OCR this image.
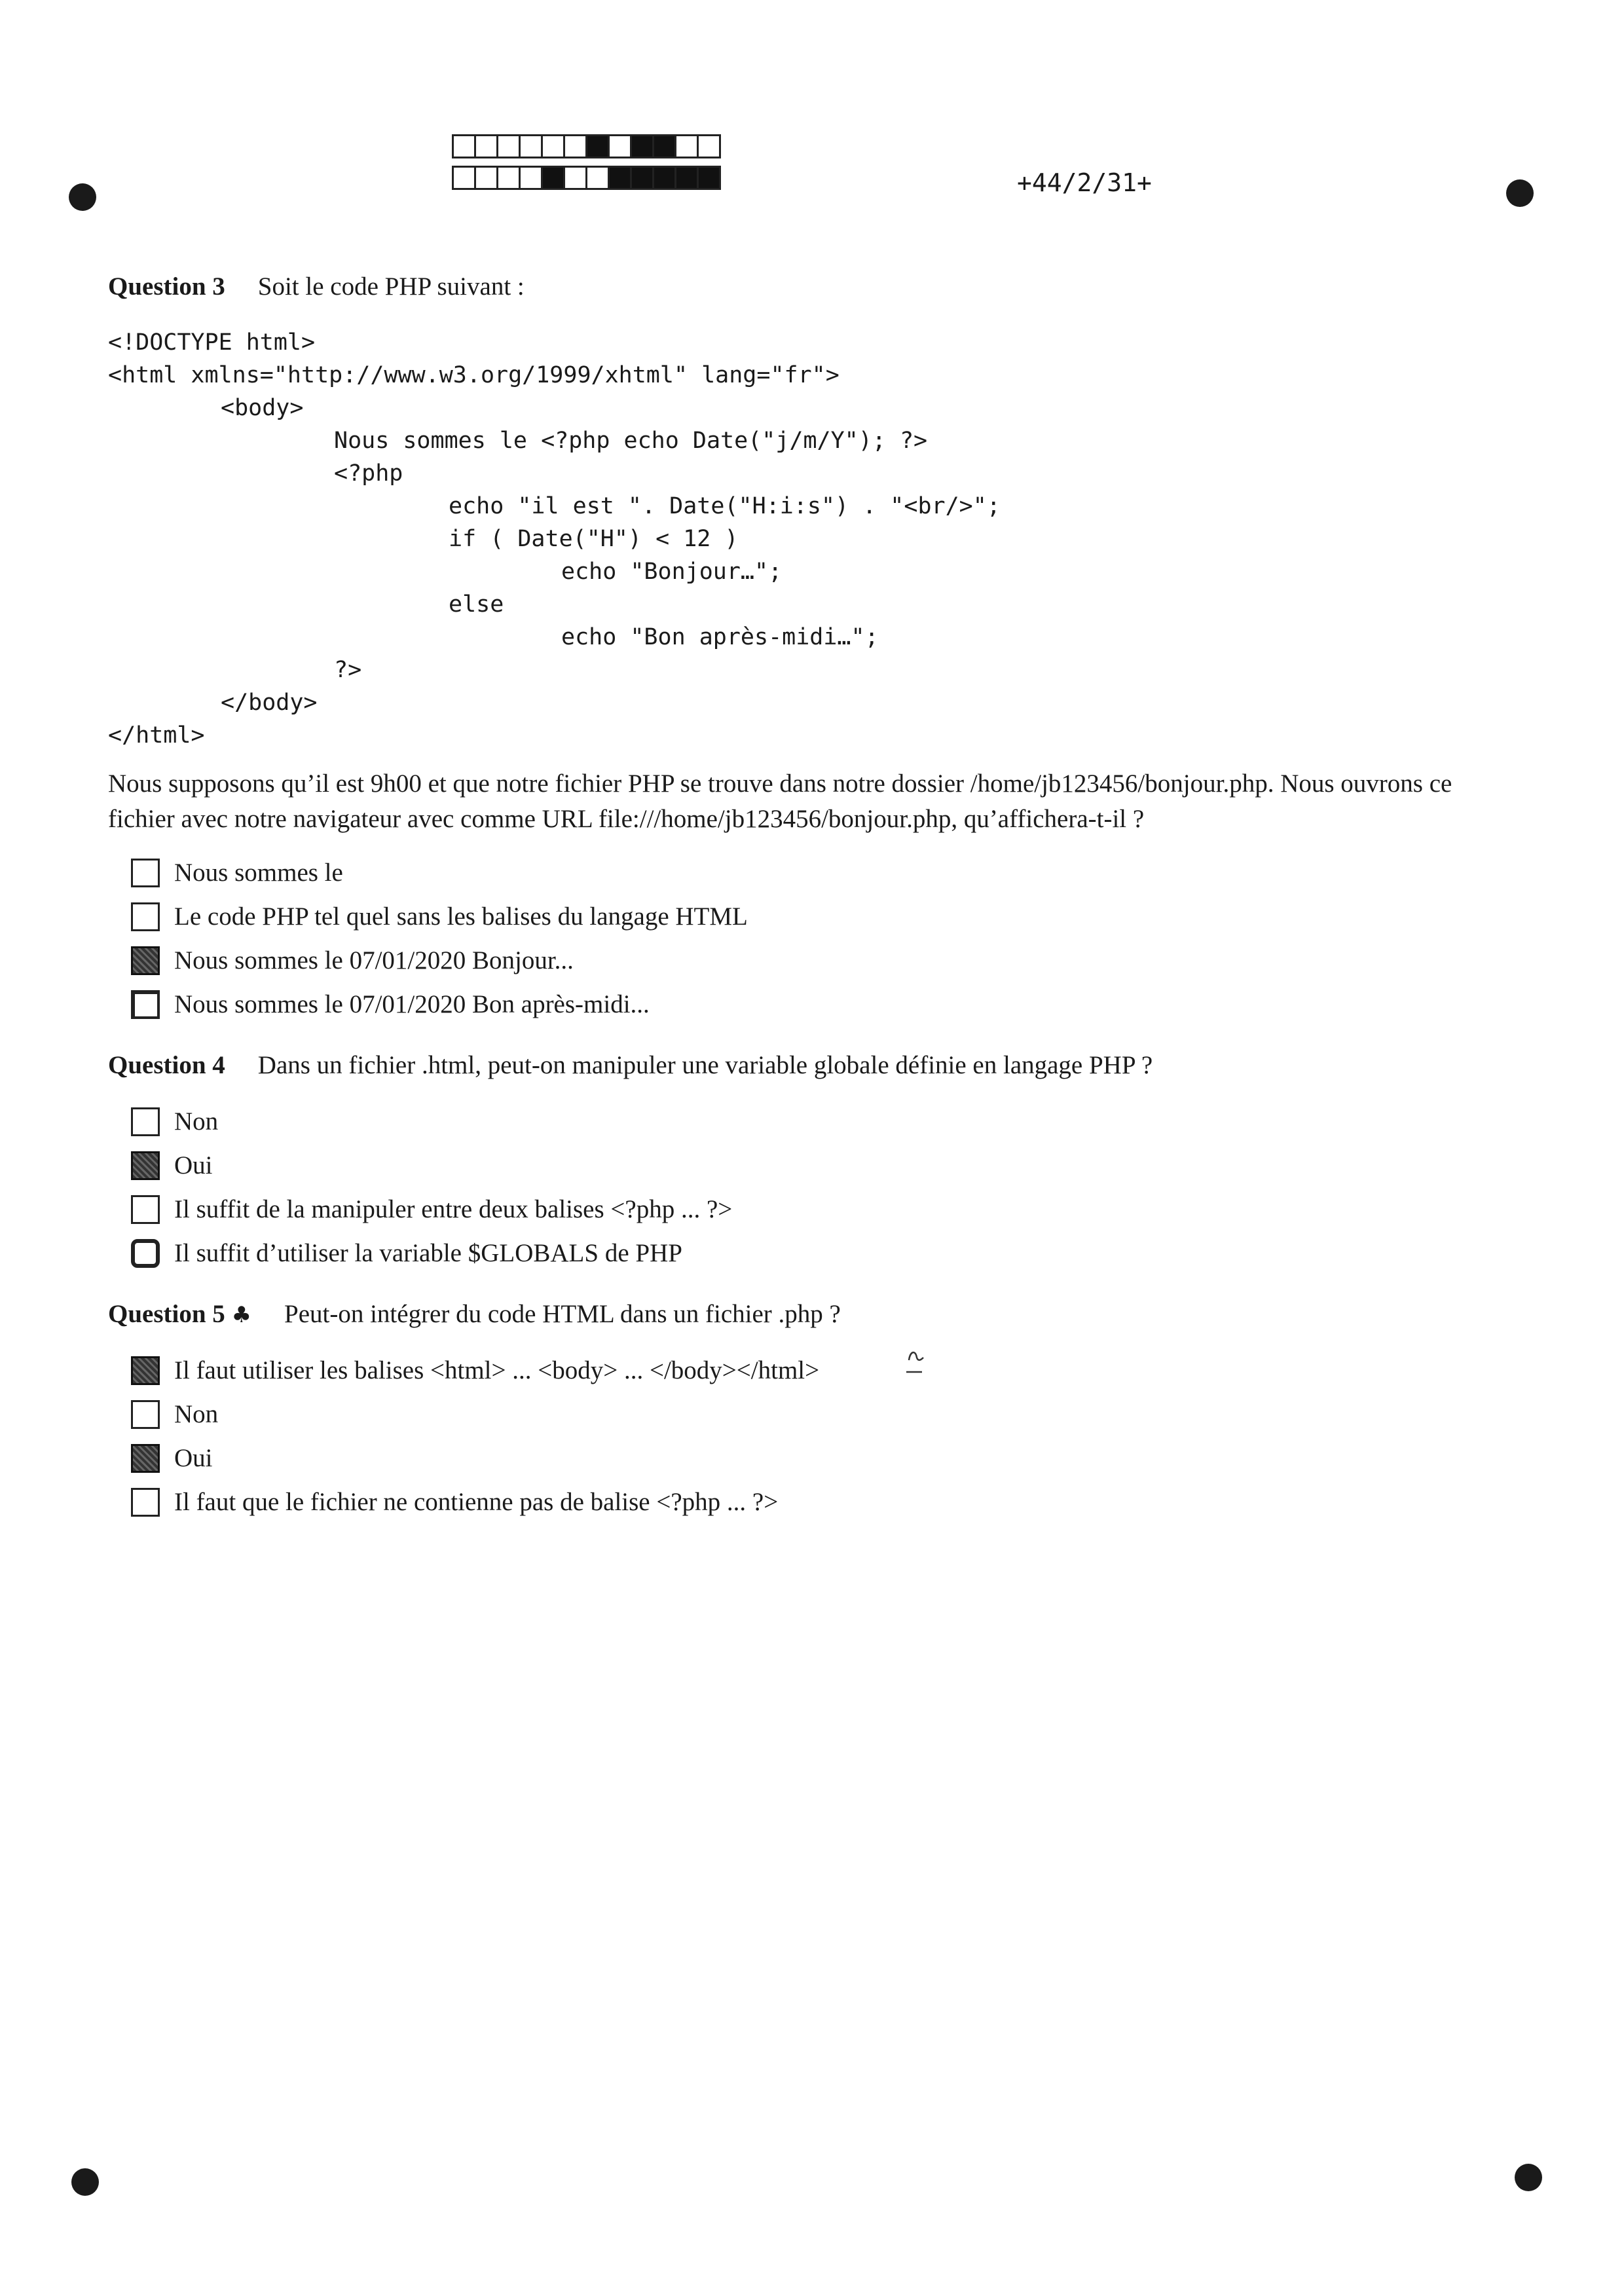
+44/2/31+
Question 3 Soit le code PHP suivant :
<!DOCTYPE html>
<html xmlns="http://www.w3.org/1999/xhtml" lang="fr">
<body>
Nous sommes le <?php echo Date("j/m/Y"); ?>
<?php
echo "il est ". Date("H:i:s") . "<br/>";
if ( Date("H") < 12 )
echo "Bonjour…";
else
echo "Bon après-midi…";
?>
</body>
</html>
Nous supposons qu’il est 9h00 et que notre fichier PHP se trouve dans notre dossier /home/jb123456/bonjour.php. Nous ouvrons ce fichier avec notre navigateur avec comme URL file:///home/jb123456/bonjour.php, qu’affichera-t-il ?
Nous sommes le
Le code PHP tel quel sans les balises du langage HTML
Nous sommes le 07/01/2020 Bonjour...
Nous sommes le 07/01/2020 Bon après-midi...
Question 4 Dans un fichier .html, peut-on manipuler une variable globale définie en langage PHP ?
Non
Oui
Il suffit de la manipuler entre deux balises <?php ... ?>
Il suffit d’utiliser la variable $GLOBALS de PHP
Question 5 ♣ Peut-on intégrer du code HTML dans un fichier .php ?
Il faut utiliser les balises <html> ... <body> ... </body></html>
Non
Oui
Il faut que le fichier ne contienne pas de balise <?php ... ?>
